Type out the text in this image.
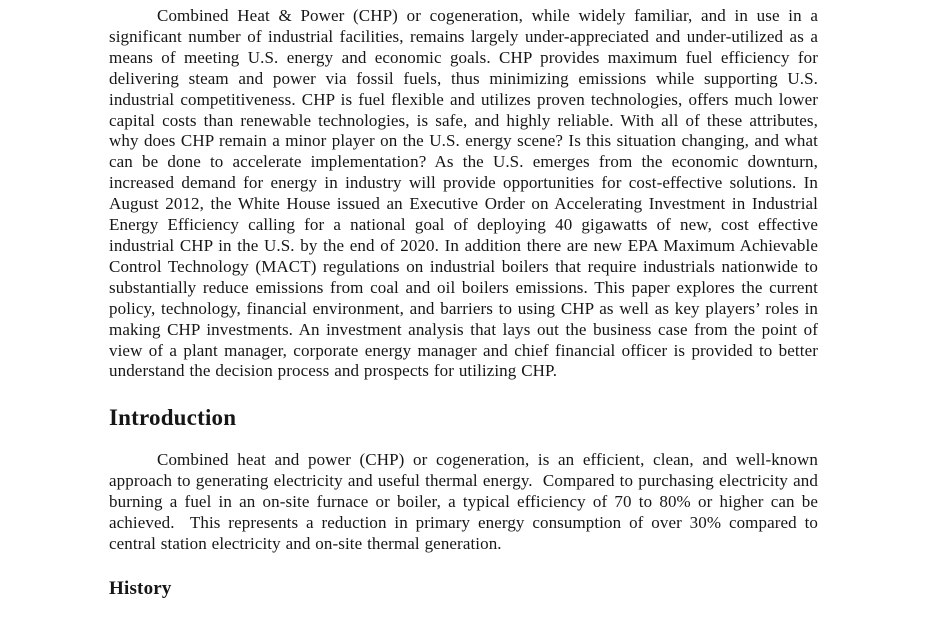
Combined Heat & Power (CHP) or cogeneration, while widely familiar, and in use in a significant number of industrial facilities, remains largely under-appreciated and under-utilized as a means of meeting U.S. energy and economic goals. CHP provides maximum fuel efficiency for delivering steam and power via fossil fuels, thus minimizing emissions while supporting U.S. industrial competitiveness. CHP is fuel flexible and utilizes proven technologies, offers much lower capital costs than renewable technologies, is safe, and highly reliable. With all of these attributes, why does CHP remain a minor player on the U.S. energy scene? Is this situation changing, and what can be done to accelerate implementation? As the U.S. emerges from the economic downturn, increased demand for energy in industry will provide opportunities for cost-effective solutions. In August 2012, the White House issued an Executive Order on Accelerating Investment in Industrial Energy Efficiency calling for a national goal of deploying 40 gigawatts of new, cost effective industrial CHP in the U.S. by the end of 2020. In addition there are new EPA Maximum Achievable Control Technology (MACT) regulations on industrial boilers that require industrials nationwide to substantially reduce emissions from coal and oil boilers emissions. This paper explores the current policy, technology, financial environment, and barriers to using CHP as well as key players’ roles in making CHP investments. An investment analysis that lays out the business case from the point of view of a plant manager, corporate energy manager and chief financial officer is provided to better understand the decision process and prospects for utilizing CHP.

Introduction

Combined heat and power (CHP) or cogeneration, is an efficient, clean, and well-known approach to generating electricity and useful thermal energy.  Compared to purchasing electricity and burning a fuel in an on-site furnace or boiler, a typical efficiency of 70 to 80% or higher can be achieved.  This represents a reduction in primary energy consumption of over 30% compared to central station electricity and on-site thermal generation.

History
